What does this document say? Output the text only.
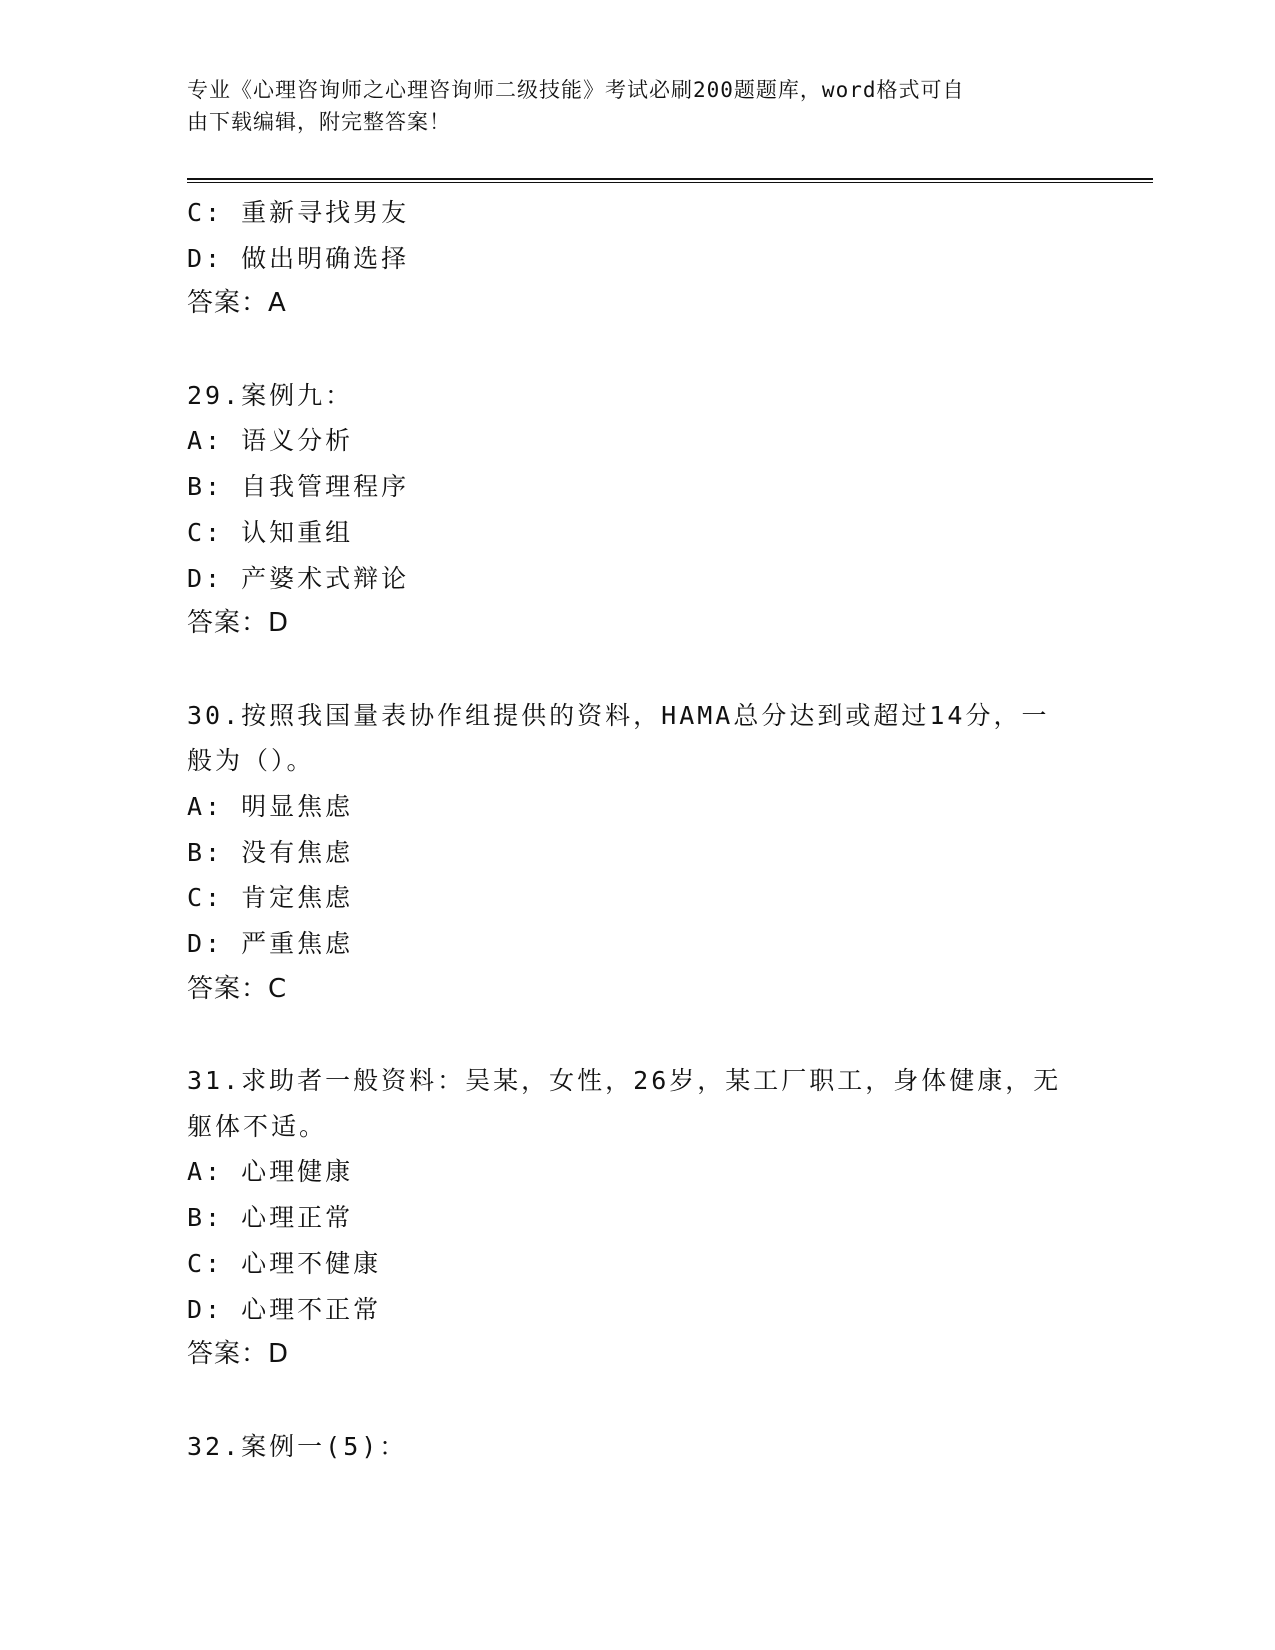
专业《心理咨询师之心理咨询师二级技能》考试必刷200题题库，word格式可自
由下载编辑，附完整答案！
C: 重新寻找男友
D: 做出明确选择
答案：A
29.案例九：
A: 语义分析
B: 自我管理程序
C: 认知重组
D: 产婆术式辩论
答案：D
30.按照我国量表协作组提供的资料，HAMA总分达到或超过14分，一
般为（）。
A: 明显焦虑
B: 没有焦虑
C: 肯定焦虑
D: 严重焦虑
答案：C
31.求助者一般资料：吴某，女性，26岁，某工厂职工，身体健康，无
躯体不适。
A: 心理健康
B: 心理正常
C: 心理不健康
D: 心理不正常
答案：D
32.案例一(5)：
